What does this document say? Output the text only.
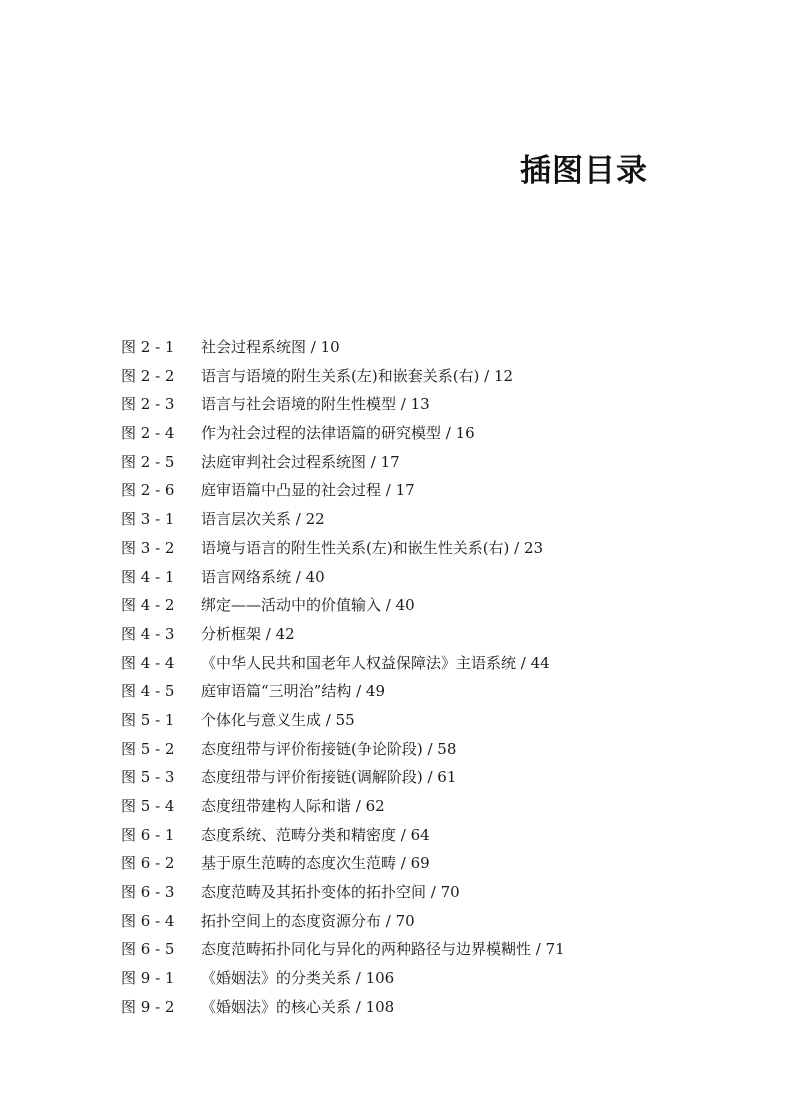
插图目录
图 2 - 1	社会过程系统图 / 10
图 2 - 2	语言与语境的附生关系(左)和嵌套关系(右) / 12
图 2 - 3	语言与社会语境的附生性模型 / 13
图 2 - 4	作为社会过程的法律语篇的研究模型 / 16
图 2 - 5	法庭审判社会过程系统图 / 17
图 2 - 6	庭审语篇中凸显的社会过程 / 17
图 3 - 1	语言层次关系 / 22
图 3 - 2	语境与语言的附生性关系(左)和嵌生性关系(右) / 23
图 4 - 1	语言网络系统 / 40
图 4 - 2	绑定——活动中的价值输入 / 40
图 4 - 3	分析框架 / 42
图 4 - 4	《中华人民共和国老年人权益保障法》主语系统 / 44
图 4 - 5	庭审语篇“三明治”结构 / 49
图 5 - 1	个体化与意义生成 / 55
图 5 - 2	态度纽带与评价衔接链(争论阶段) / 58
图 5 - 3	态度纽带与评价衔接链(调解阶段) / 61
图 5 - 4	态度纽带建构人际和谐 / 62
图 6 - 1	态度系统、范畴分类和精密度 / 64
图 6 - 2	基于原生范畴的态度次生范畴 / 69
图 6 - 3	态度范畴及其拓扑变体的拓扑空间 / 70
图 6 - 4	拓扑空间上的态度资源分布 / 70
图 6 - 5	态度范畴拓扑同化与异化的两种路径与边界模糊性 / 71
图 9 - 1	《婚姻法》的分类关系 / 106
图 9 - 2	《婚姻法》的核心关系 / 108
